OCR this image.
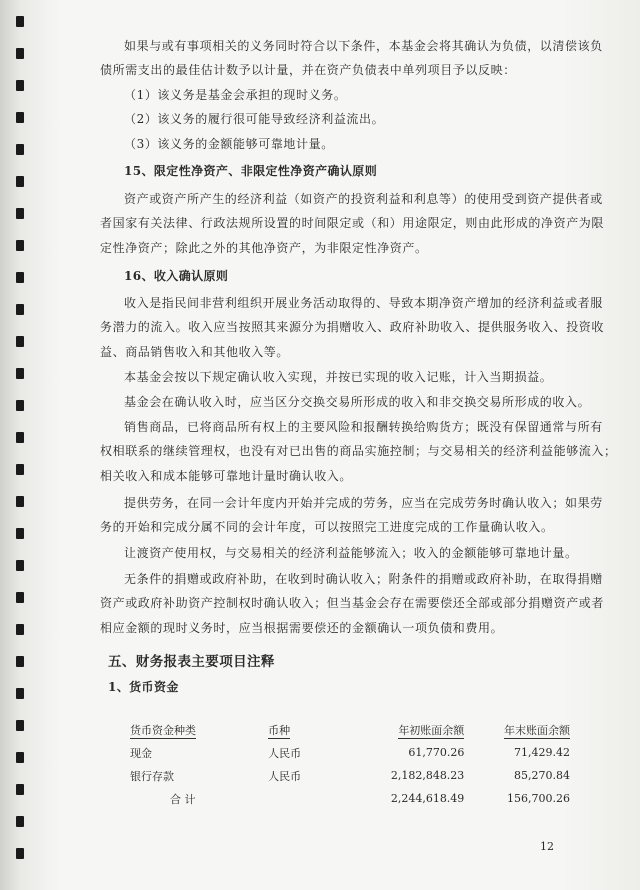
如果与或有事项相关的义务同时符合以下条件，本基金会将其确认为负债，以清偿该负
债所需支出的最佳估计数予以计量，并在资产负债表中单列项目予以反映：
（1）该义务是基金会承担的现时义务。
（2）该义务的履行很可能导致经济利益流出。
（3）该义务的金额能够可靠地计量。
15、限定性净资产、非限定性净资产确认原则
资产或资产所产生的经济利益（如资产的投资利益和利息等）的使用受到资产提供者或
者国家有关法律、行政法规所设置的时间限定或（和）用途限定，则由此形成的净资产为限
定性净资产；除此之外的其他净资产，为非限定性净资产。
16、收入确认原则
收入是指民间非营利组织开展业务活动取得的、导致本期净资产增加的经济利益或者服
务潜力的流入。收入应当按照其来源分为捐赠收入、政府补助收入、提供服务收入、投资收
益、商品销售收入和其他收入等。
本基金会按以下规定确认收入实现，并按已实现的收入记账，计入当期损益。
基金会在确认收入时，应当区分交换交易所形成的收入和非交换交易所形成的收入。
销售商品，已将商品所有权上的主要风险和报酬转换给购货方；既没有保留通常与所有
权相联系的继续管理权，也没有对已出售的商品实施控制；与交易相关的经济利益能够流入；
相关收入和成本能够可靠地计量时确认收入。
提供劳务，在同一会计年度内开始并完成的劳务，应当在完成劳务时确认收入；如果劳
务的开始和完成分属不同的会计年度，可以按照完工进度完成的工作量确认收入。
让渡资产使用权，与交易相关的经济利益能够流入；收入的金额能够可靠地计量。
无条件的捐赠或政府补助，在收到时确认收入；附条件的捐赠或政府补助，在取得捐赠
资产或政府补助资产控制权时确认收入；但当基金会存在需要偿还全部或部分捐赠资产或者
相应金额的现时义务时，应当根据需要偿还的金额确认一项负债和费用。
五、财务报表主要项目注释
1、货币资金
货币资金种类	币种	年初账面余额	年末账面余额
现金	人民币	61,770.26	71,429.42
银行存款	人民币	2,182,848.23	85,270.84
合 计		2,244,618.49	156,700.26
12
